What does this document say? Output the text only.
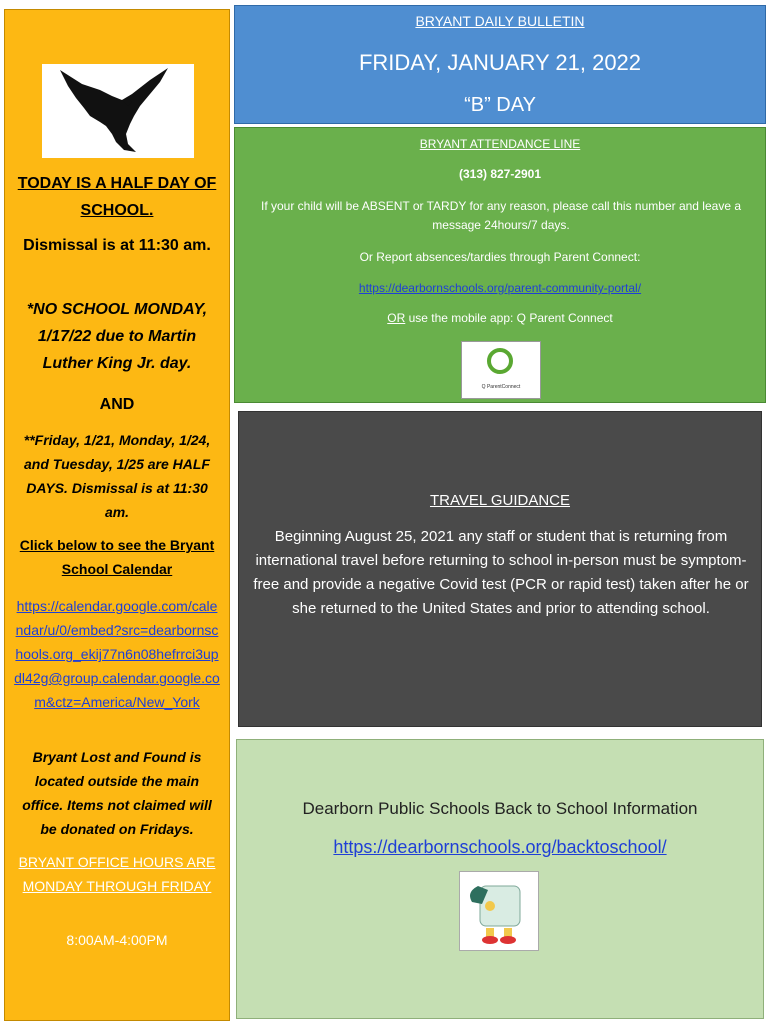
TODAY IS A HALF DAY OF SCHOOL.
Dismissal is at 11:30 am.
*NO SCHOOL MONDAY, 1/17/22 due to Martin Luther King Jr. day.
AND
**Friday, 1/21, Monday, 1/24, and Tuesday, 1/25 are HALF DAYS. Dismissal is at 11:30 am.
Click below to see the Bryant School Calendar
https://calendar.google.com/calendar/u/0/embed?src=dearbornschools.org_ekij77n6n08hefrrci3updl42g@group.calendar.google.com&ctz=America/New_York
Bryant Lost and Found is located outside the main office. Items not claimed will be donated on Fridays.
BRYANT OFFICE HOURS ARE MONDAY THROUGH FRIDAY
8:00AM-4:00PM
BRYANT DAILY BULLETIN
FRIDAY, JANUARY 21, 2022
“B” DAY
BRYANT ATTENDANCE LINE
(313) 827-2901
If your child will be ABSENT or TARDY for any reason, please call this number and leave a message 24hours/7 days.
Or Report absences/tardies through Parent Connect:
https://dearbornschools.org/parent-community-portal/
OR use the mobile app: Q Parent Connect
Q ParentConnect
TRAVEL GUIDANCE
Beginning August 25, 2021 any staff or student that is returning from international travel before returning to school in-person must be symptom-free and provide a negative Covid test (PCR or rapid test) taken after he or she returned to the United States and prior to attending school.
Dearborn Public Schools Back to School Information
https://dearbornschools.org/backtoschool/
